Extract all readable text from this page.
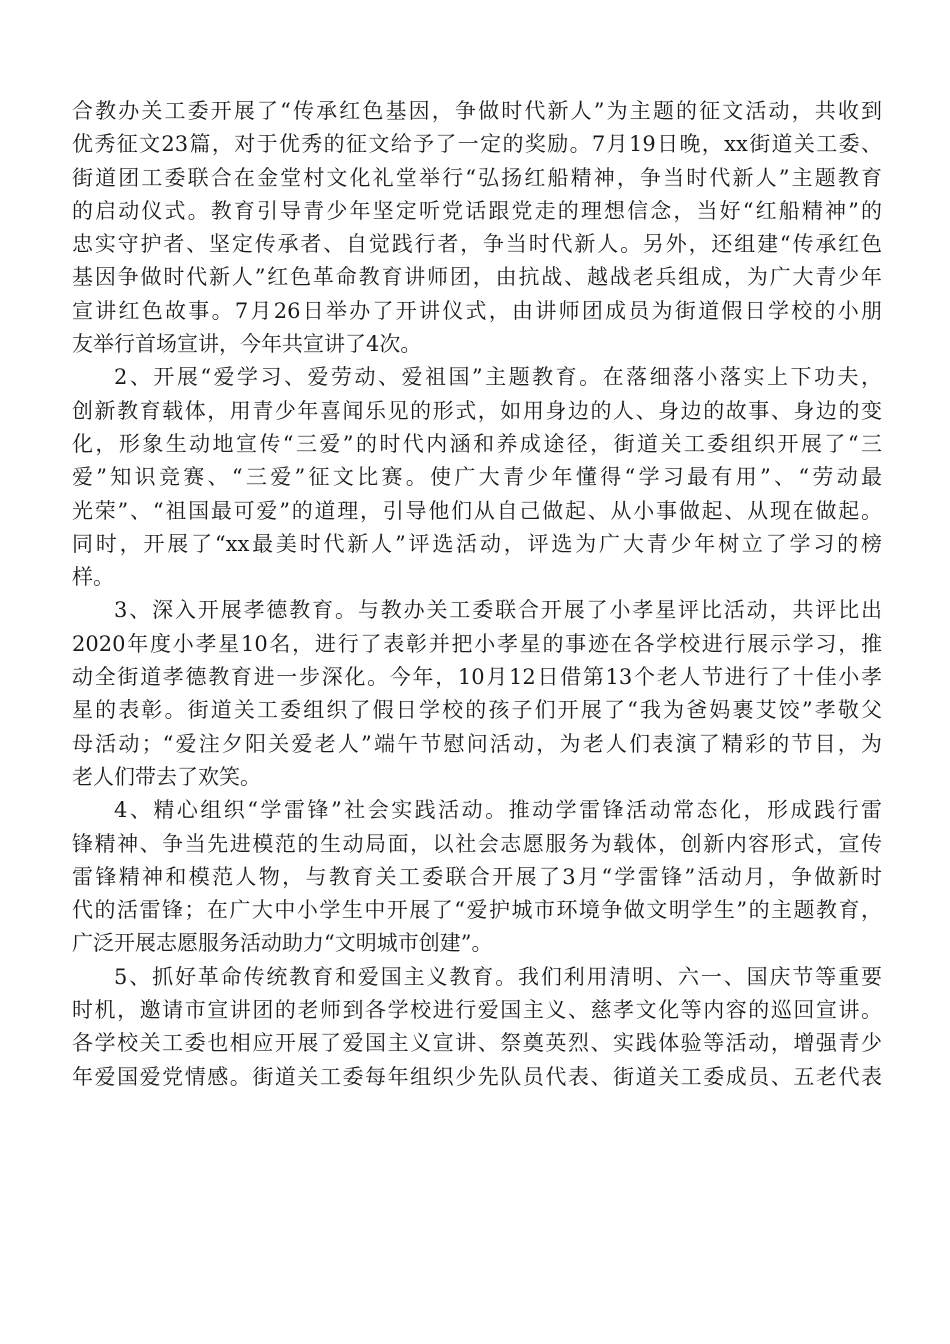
合教办关工委开展了“传承红色基因，争做时代新人”为主题的征文活动，共收到
优秀征文23篇，对于优秀的征文给予了一定的奖励。7月19日晚，xx街道关工委、
街道团工委联合在金堂村文化礼堂举行“弘扬红船精神，争当时代新人”主题教育
的启动仪式。教育引导青少年坚定听党话跟党走的理想信念，当好“红船精神”的
忠实守护者、坚定传承者、自觉践行者，争当时代新人。另外，还组建“传承红色
基因争做时代新人”红色革命教育讲师团，由抗战、越战老兵组成，为广大青少年
宣讲红色故事。7月26日举办了开讲仪式，由讲师团成员为街道假日学校的小朋
友举行首场宣讲，今年共宣讲了4次。
2、开展“爱学习、爱劳动、爱祖国”主题教育。在落细落小落实上下功夫，
创新教育载体，用青少年喜闻乐见的形式，如用身边的人、身边的故事、身边的变
化，形象生动地宣传“三爱”的时代内涵和养成途径，街道关工委组织开展了“三
爱”知识竞赛、“三爱”征文比赛。使广大青少年懂得“学习最有用”、“劳动最
光荣”、“祖国最可爱”的道理，引导他们从自己做起、从小事做起、从现在做起。
同时，开展了“xx最美时代新人”评选活动，评选为广大青少年树立了学习的榜
样。
3、深入开展孝德教育。与教办关工委联合开展了小孝星评比活动，共评比出
2020年度小孝星10名，进行了表彰并把小孝星的事迹在各学校进行展示学习，推
动全街道孝德教育进一步深化。今年，10月12日借第13个老人节进行了十佳小孝
星的表彰。街道关工委组织了假日学校的孩子们开展了“我为爸妈裹艾饺”孝敬父
母活动；“爱注夕阳关爱老人”端午节慰问活动，为老人们表演了精彩的节目，为
老人们带去了欢笑。
4、精心组织“学雷锋”社会实践活动。推动学雷锋活动常态化，形成践行雷
锋精神、争当先进模范的生动局面，以社会志愿服务为载体，创新内容形式，宣传
雷锋精神和模范人物，与教育关工委联合开展了3月“学雷锋”活动月，争做新时
代的活雷锋；在广大中小学生中开展了“爱护城市环境争做文明学生”的主题教育，
广泛开展志愿服务活动助力“文明城市创建”。
5、抓好革命传统教育和爱国主义教育。我们利用清明、六一、国庆节等重要
时机，邀请市宣讲团的老师到各学校进行爱国主义、慈孝文化等内容的巡回宣讲。
各学校关工委也相应开展了爱国主义宣讲、祭奠英烈、实践体验等活动，增强青少
年爱国爱党情感。街道关工委每年组织少先队员代表、街道关工委成员、五老代表
